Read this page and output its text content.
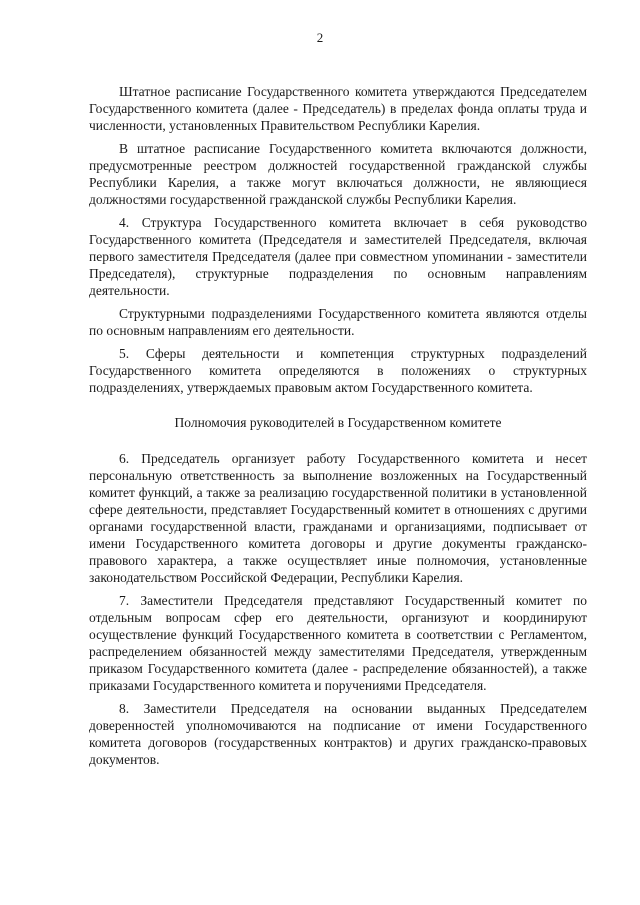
2

Штатное расписание Государственного комитета утверждаются Председателем Государственного комитета (далее - Председатель) в пределах фонда оплаты труда и численности, установленных Правительством Республики Карелия.

В штатное расписание Государственного комитета включаются должности, предусмотренные реестром должностей государственной гражданской службы Республики Карелия, а также могут включаться должности, не являющиеся должностями государственной гражданской службы Республики Карелия.

4. Структура Государственного комитета включает в себя руководство Государственного комитета (Председателя и заместителей Председателя, включая первого заместителя Председателя (далее при совместном упоминании - заместители Председателя), структурные подразделения по основным направлениям деятельности.

Структурными подразделениями Государственного комитета являются отделы по основным направлениям его деятельности.

5. Сферы деятельности и компетенция структурных подразделений Государственного комитета определяются в положениях о структурных подразделениях, утверждаемых правовым актом Государственного комитета.

Полномочия руководителей в Государственном комитете

6. Председатель организует работу Государственного комитета и несет персональную ответственность за выполнение возложенных на Государственный комитет функций, а также за реализацию государственной политики в установленной сфере деятельности, представляет Государственный комитет в отношениях с другими органами государственной власти, гражданами и организациями, подписывает от имени Государственного комитета договоры и другие документы гражданско-правового характера, а также осуществляет иные полномочия, установленные законодательством Российской Федерации, Республики Карелия.

7. Заместители Председателя представляют Государственный комитет по отдельным вопросам сфер его деятельности, организуют и координируют осуществление функций Государственного комитета в соответствии с Регламентом, распределением обязанностей между заместителями Председателя, утвержденным приказом Государственного комитета (далее - распределение обязанностей), а также приказами Государственного комитета и поручениями Председателя.

8. Заместители Председателя на основании выданных Председателем доверенностей уполномочиваются на подписание от имени Государственного комитета договоров (государственных контрактов) и других гражданско-правовых документов.
